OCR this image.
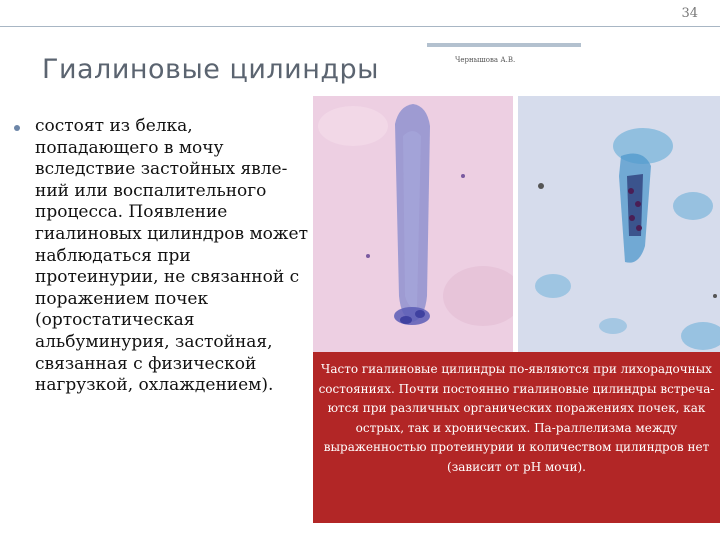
34
Гиалиновые цилиндры	Чернышова А.В.
состоят из белка, попадающего в мочу вследствие застойных явле-ний или воспалительного процесса. Появление гиалиновых цилиндров может наблюдаться при протеинурии, не связанной с поражением почек (ортостатическая альбуминурия, застойная, связанная с физической нагрузкой, охлаждением).
Часто гиалиновые цилиндры по-являются при лихорадочных состояниях. Почти постоянно гиалиновые цилиндры встреча-ются при различных органических поражениях почек, как острых, так и хронических. Па-раллелизма между выраженностью протеинурии и количеством цилиндров нет (зависит от pH мочи).
